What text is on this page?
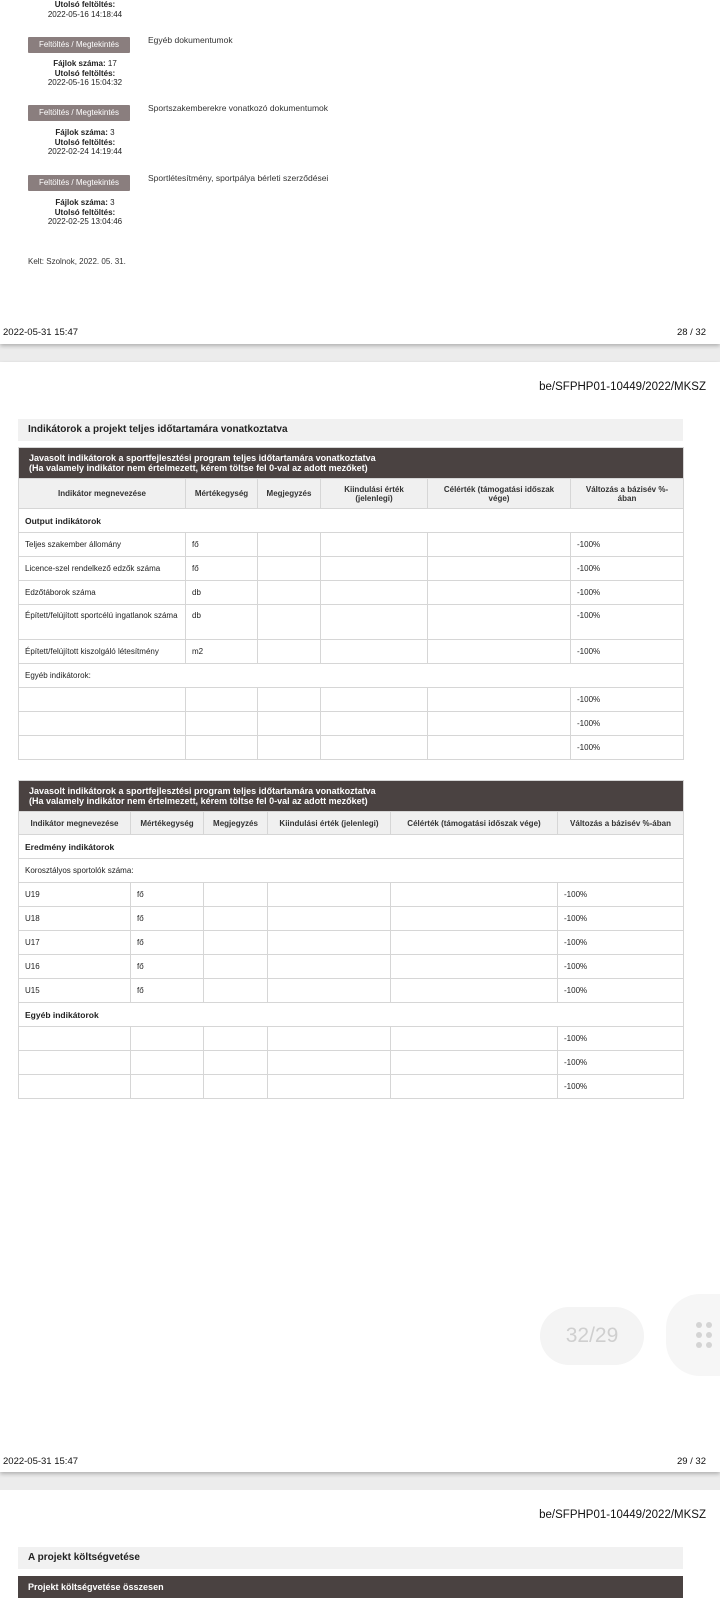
Utolsó feltöltés:
2022-05-16 14:18:44
Feltöltés / Megtekintés	Egyéb dokumentumok
Fájlok száma: 17
Utolsó feltöltés:
2022-05-16 15:04:32
Feltöltés / Megtekintés	Sportszakemberekre vonatkozó dokumentumok
Fájlok száma: 3
Utolsó feltöltés:
2022-02-24 14:19:44
Feltöltés / Megtekintés	Sportlétesítmény, sportpálya bérleti szerződései
Fájlok száma: 3
Utolsó feltöltés:
2022-02-25 13:04:46
Kelt: Szolnok, 2022. 05. 31.
2022-05-31 15:47	28 / 32
be/SFPHP01-10449/2022/MKSZ
Indikátorok a projekt teljes időtartamára vonatkoztatva
Javasolt indikátorok a sportfejlesztési program teljes időtartamára vonatkoztatva
(Ha valamely indikátor nem értelmezett, kérem töltse fel 0-val az adott mezőket)					

Indikátor megnevezése	Mértékegység	Megjegyzés	Kiindulási érték (jelenlegi)	Célérték (támogatási időszak vége)	Változás a bázisév %-ában
Output indikátorok					
Teljes szakember állomány	fő				-100%
Licence-szel rendelkező edzők száma	fő				-100%
Edzőtáborok száma	db				-100%
Épített/felújított sportcélú ingatlanok száma	db				-100%
Épített/felújított kiszolgáló létesítmény	m2				-100%
Egyéb indikátorok:					
					-100%
					-100%
					-100%
Javasolt indikátorok a sportfejlesztési program teljes időtartamára vonatkoztatva
(Ha valamely indikátor nem értelmezett, kérem töltse fel 0-val az adott mezőket)					

Indikátor megnevezése	Mértékegység	Megjegyzés	Kiindulási érték (jelenlegi)	Célérték (támogatási időszak vége)	Változás a bázisév %-ában
Eredmény indikátorok					
Korosztályos sportolók száma:					
U19	fő				-100%
U18	fő				-100%
U17	fő				-100%
U16	fő				-100%
U15	fő				-100%
Egyéb indikátorok					
					-100%
					-100%
					-100%
2022-05-31 15:47	29 / 32
32/29
be/SFPHP01-10449/2022/MKSZ
A projekt költségvetése
Projekt költségvetése összesen
